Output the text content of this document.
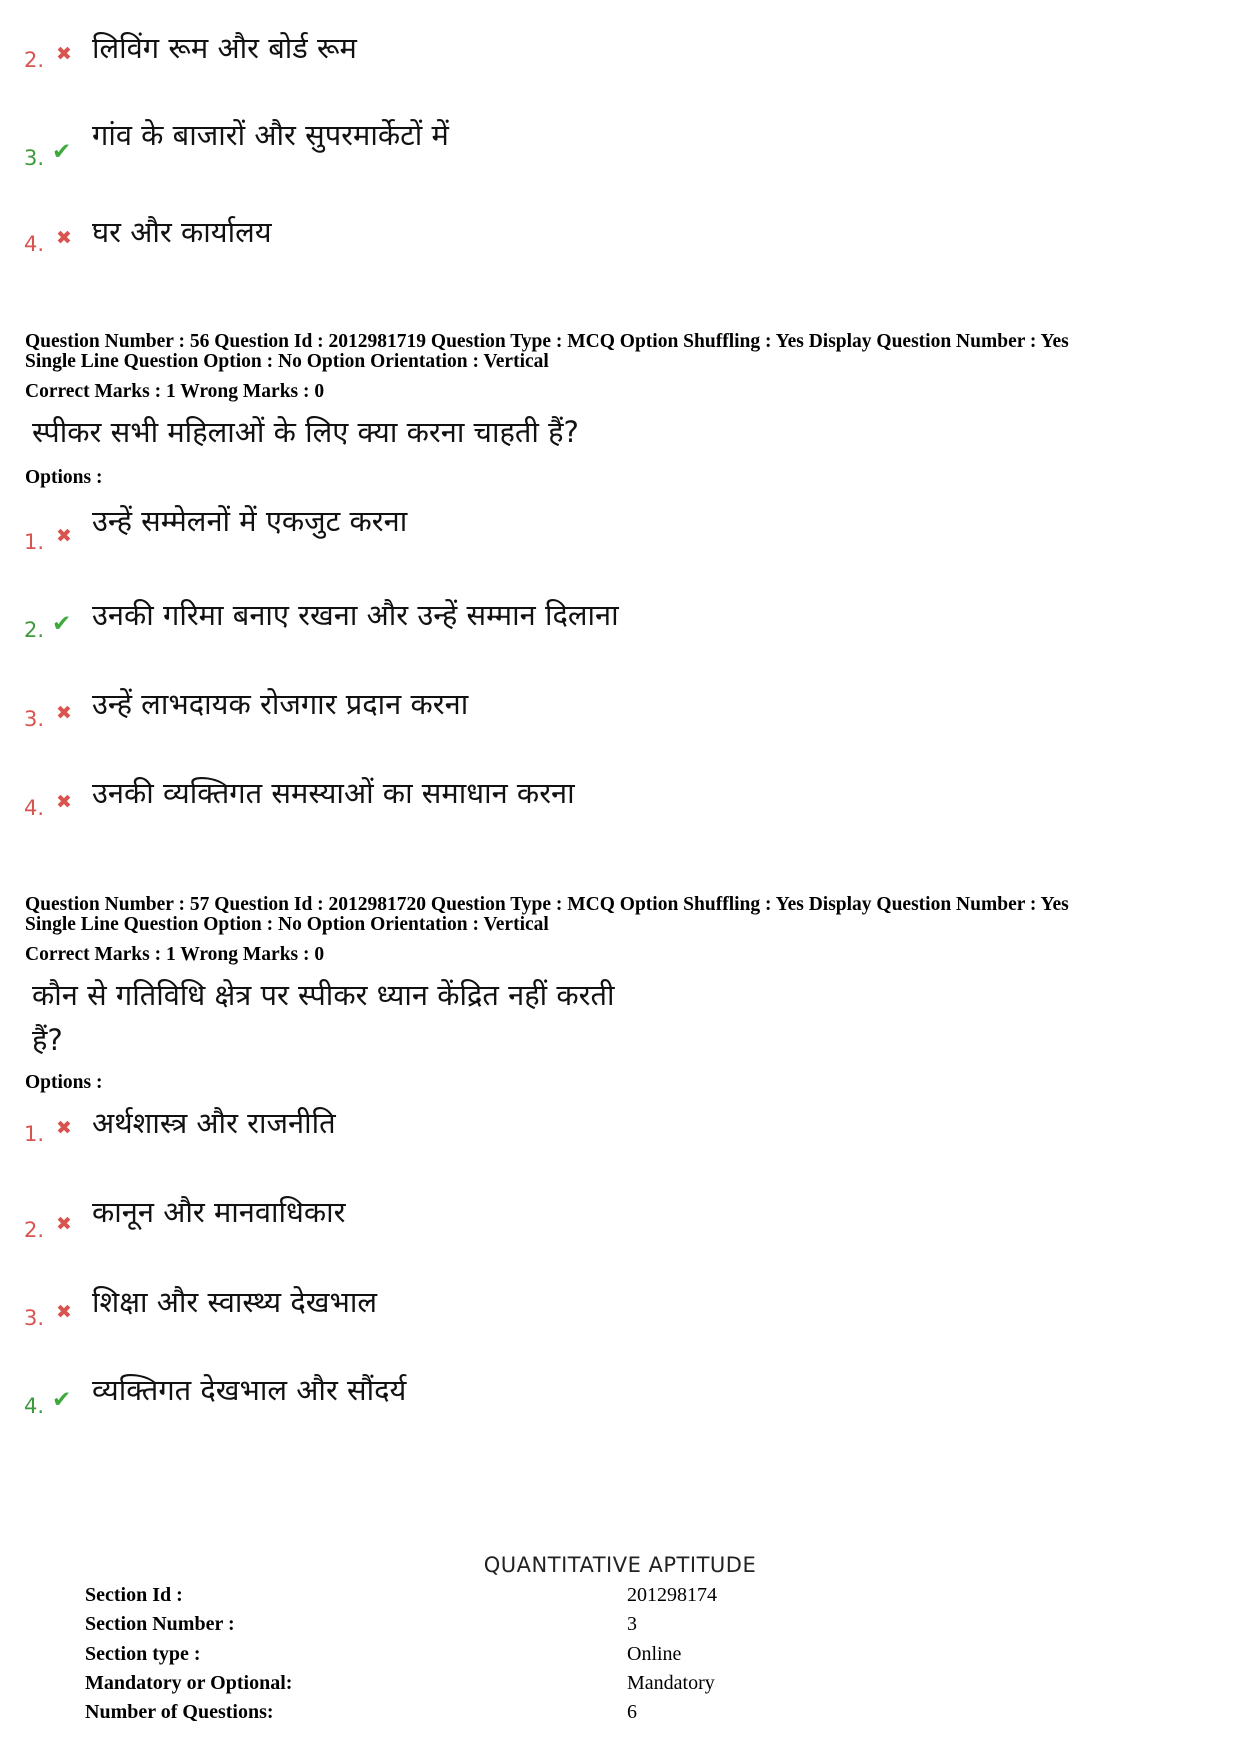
2. ✖ लिविंग रूम और बोर्ड रूम
3. ✔ गांव के बाजारों और सुपरमार्केटों में
4. ✖ घर और कार्यालय
Question Number : 56 Question Id : 2012981719 Question Type : MCQ Option Shuffling : Yes Display Question Number : Yes
Single Line Question Option : No Option Orientation : Vertical
Correct Marks : 1 Wrong Marks : 0
स्पीकर सभी महिलाओं के लिए क्या करना चाहती हैं?
Options :
1. ✖ उन्हें सम्मेलनों में एकजुट करना
2. ✔ उनकी गरिमा बनाए रखना और उन्हें सम्मान दिलाना
3. ✖ उन्हें लाभदायक रोजगार प्रदान करना
4. ✖ उनकी व्यक्तिगत समस्याओं का समाधान करना
Question Number : 57 Question Id : 2012981720 Question Type : MCQ Option Shuffling : Yes Display Question Number : Yes
Single Line Question Option : No Option Orientation : Vertical
Correct Marks : 1 Wrong Marks : 0
कौन से गतिविधि क्षेत्र पर स्पीकर ध्यान केंद्रित नहीं करती
हैं?
Options :
1. ✖ अर्थशास्त्र और राजनीति
2. ✖ कानून और मानवाधिकार
3. ✖ शिक्षा और स्वास्थ्य देखभाल
4. ✔ व्यक्तिगत देखभाल और सौंदर्य
QUANTITATIVE APTITUDE
Section Id :	201298174
Section Number :	3
Section type :	Online
Mandatory or Optional:	Mandatory
Number of Questions:	6
